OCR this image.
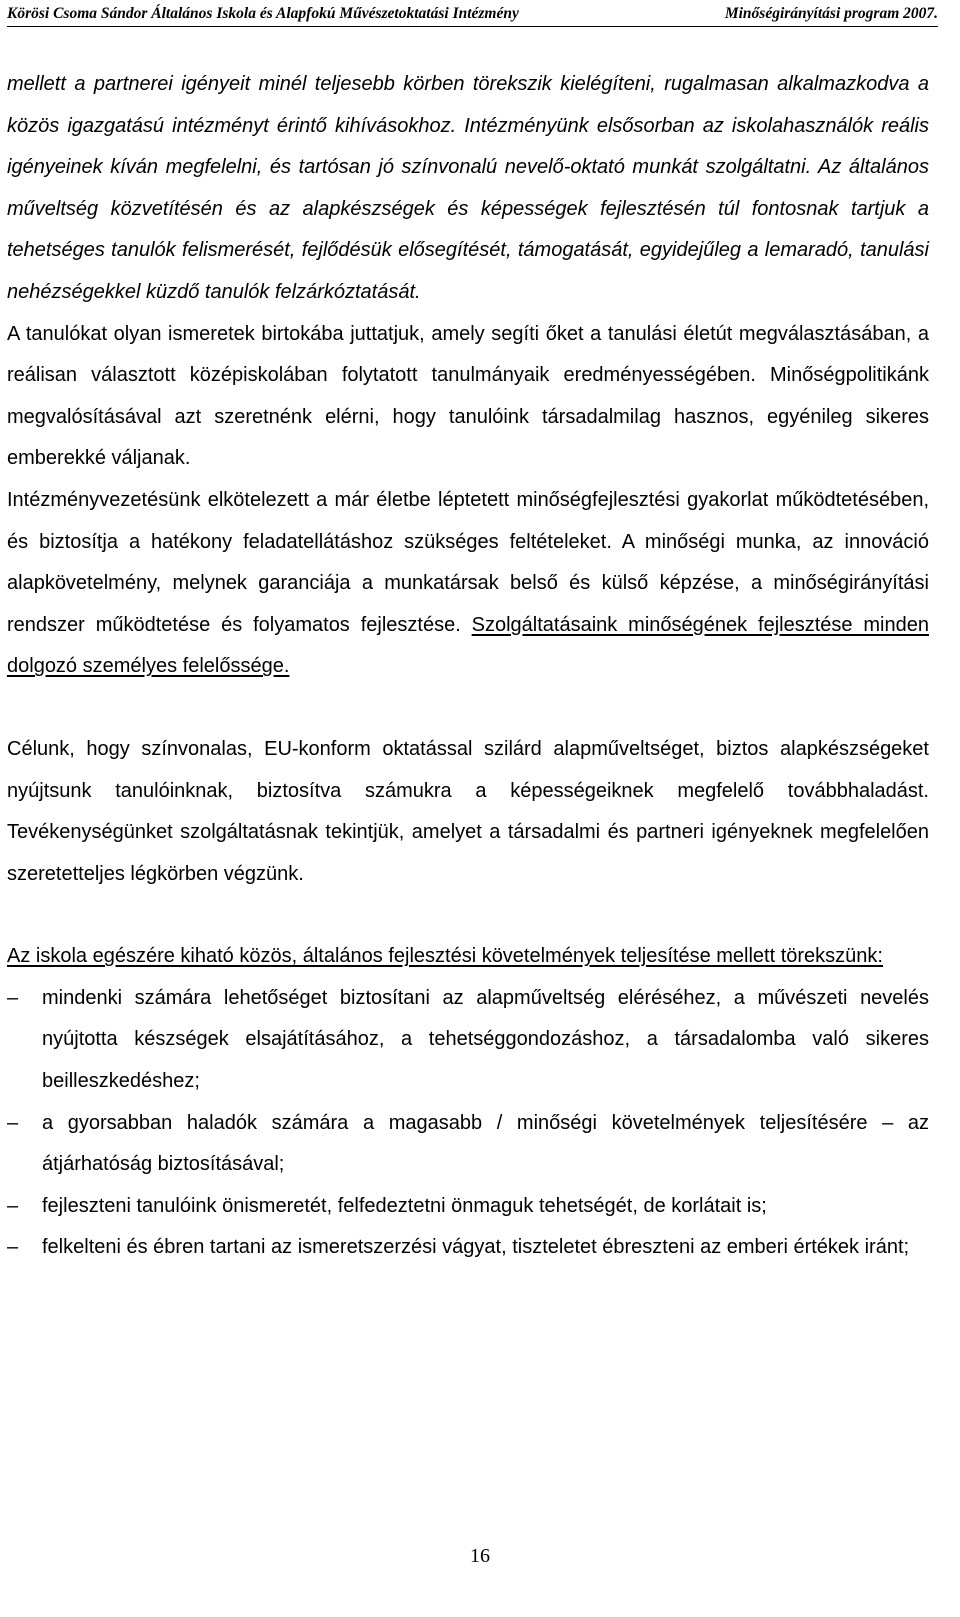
Körösi Csoma Sándor Általános Iskola és Alapfokú Művészetoktatási Intézmény	Minőségirányítási program 2007.

mellett a partnerei igényeit minél teljesebb körben törekszik kielégíteni, rugalmasan alkalmazkodva a közös igazgatású intézményt érintő kihívásokhoz. Intézményünk elsősorban az iskolahasználók reális igényeinek kíván megfelelni, és tartósan jó színvonalú nevelő-oktató munkát szolgáltatni. Az általános műveltség közvetítésén és az alapkészségek és képességek fejlesztésén túl fontosnak tartjuk a tehetséges tanulók felismerését, fejlődésük elősegítését, támogatását, egyidejűleg a lemaradó, tanulási nehézségekkel küzdő tanulók felzárkóztatását.

A tanulókat olyan ismeretek birtokába juttatjuk, amely segíti őket a tanulási életút megválasztásában, a reálisan választott középiskolában folytatott tanulmányaik eredményességében. Minőségpolitikánk megvalósításával azt szeretnénk elérni, hogy tanulóink társadalmilag hasznos, egyénileg sikeres emberekké váljanak.

Intézményvezetésünk elkötelezett a már életbe léptetett minőségfejlesztési gyakorlat működtetésében, és biztosítja a hatékony feladatellátáshoz szükséges feltételeket. A minőségi munka, az innováció alapkövetelmény, melynek garanciája a munkatársak belső és külső képzése, a minőségirányítási rendszer működtetése és folyamatos fejlesztése. Szolgáltatásaink minőségének fejlesztése minden dolgozó személyes felelőssége.

Célunk, hogy színvonalas, EU-konform oktatással szilárd alapműveltséget, biztos alapkészségeket nyújtsunk tanulóinknak, biztosítva számukra a képességeiknek megfelelő továbbhaladást. Tevékenységünket szolgáltatásnak tekintjük, amelyet a társadalmi és partneri igényeknek megfelelően szeretetteljes légkörben végzünk.

Az iskola egészére kiható közös, általános fejlesztési követelmények teljesítése mellett törekszünk:

– mindenki számára lehetőséget biztosítani az alapműveltség eléréséhez, a művészeti nevelés nyújtotta készségek elsajátításához, a tehetséggondozáshoz, a társadalomba való sikeres beilleszkedéshez;
– a gyorsabban haladók számára a magasabb / minőségi követelmények teljesítésére – az átjárhatóság biztosításával;
– fejleszteni tanulóink önismeretét, felfedeztetni önmaguk tehetségét, de korlátait is;
– felkelteni és ébren tartani az ismeretszerzési vágyat, tiszteletet ébreszteni az emberi értékek iránt;
16
